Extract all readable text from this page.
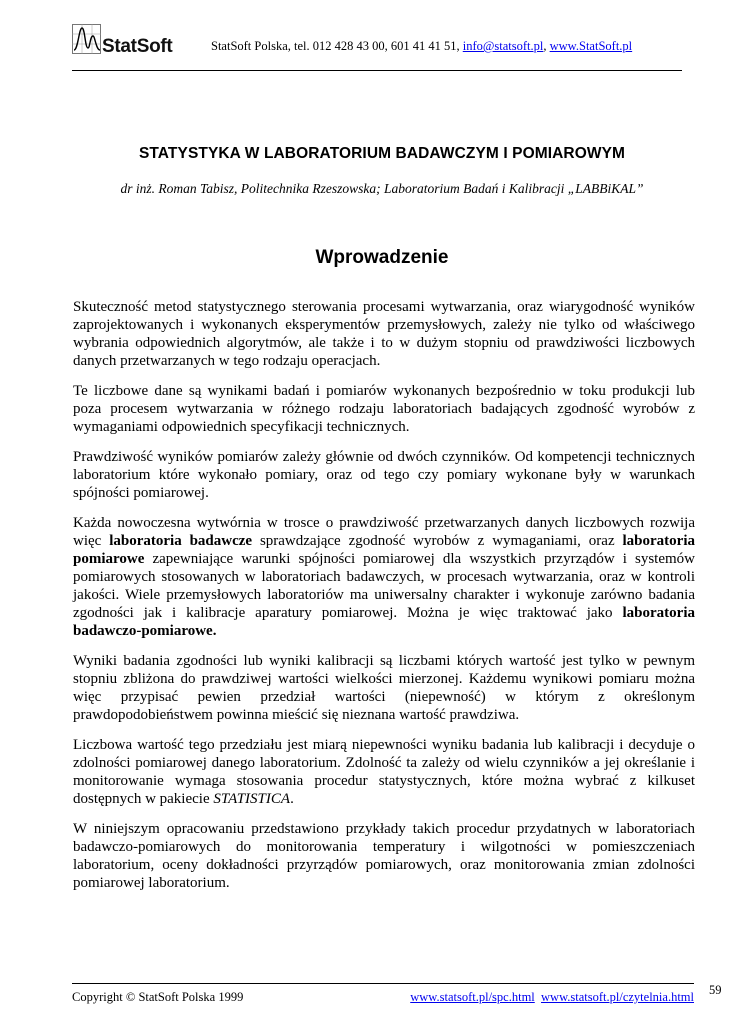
StatSoft	StatSoft Polska, tel. 012 428 43 00, 601 41 41 51, info@statsoft.pl, www.StatSoft.pl
STATYSTYKA W LABORATORIUM BADAWCZYM I POMIAROWYM
dr inż. Roman Tabisz, Politechnika Rzeszowska; Laboratorium Badań i Kalibracji „LABBiKAL”
Wprowadzenie

Skuteczność metod statystycznego sterowania procesami wytwarzania, oraz wiarygodność wyników zaprojektowanych i wykonanych eksperymentów przemysłowych, zależy nie tylko od właściwego wybrania odpowiednich algorytmów, ale także i to w dużym stopniu od prawdziwości liczbowych danych przetwarzanych w tego rodzaju operacjach.

Te liczbowe dane są wynikami badań i pomiarów wykonanych bezpośrednio w toku produkcji lub poza procesem wytwarzania w różnego rodzaju laboratoriach badających zgodność wyrobów z wymaganiami odpowiednich specyfikacji technicznych.

Prawdziwość wyników pomiarów zależy głównie od dwóch czynników. Od kompetencji technicznych laboratorium które wykonało pomiary, oraz od tego czy pomiary wykonane były w warunkach spójności pomiarowej.

Każda nowoczesna wytwórnia w trosce o prawdziwość przetwarzanych danych liczbowych rozwija więc laboratoria badawcze sprawdzające zgodność wyrobów z wymaganiami, oraz laboratoria pomiarowe zapewniające warunki spójności pomiarowej dla wszystkich przyrządów i systemów pomiarowych stosowanych w laboratoriach badawczych, w procesach wytwarzania, oraz w kontroli jakości. Wiele przemysłowych laboratoriów ma uniwersalny charakter i wykonuje zarówno badania zgodności jak i kalibracje aparatury pomiarowej. Można je więc traktować jako laboratoria badawczo-pomiarowe.

Wyniki badania zgodności lub wyniki kalibracji są liczbami których wartość jest tylko w pewnym stopniu zbliżona do prawdziwej wartości wielkości mierzonej. Każdemu wynikowi pomiaru można więc przypisać pewien przedział wartości (niepewność) w którym z określonym prawdopodobieństwem powinna mieścić się nieznana wartość prawdziwa.

Liczbowa wartość tego przedziału jest miarą niepewności wyniku badania lub kalibracji i decyduje o zdolności pomiarowej danego laboratorium. Zdolność ta zależy od wielu czynników a jej określanie i monitorowanie wymaga stosowania procedur statystycznych, które można wybrać z kilkuset dostępnych w pakiecie STATISTICA.

W niniejszym opracowaniu przedstawiono przykłady takich procedur przydatnych w laboratoriach badawczo-pomiarowych do monitorowania temperatury i wilgotności w pomieszczeniach laboratorium, oceny dokładności przyrządów pomiarowych, oraz monitorowania zmian zdolności pomiarowej laboratorium.

Copyright © StatSoft Polska 1999	www.statsoft.pl/spc.html www.statsoft.pl/czytelnia.html 59
